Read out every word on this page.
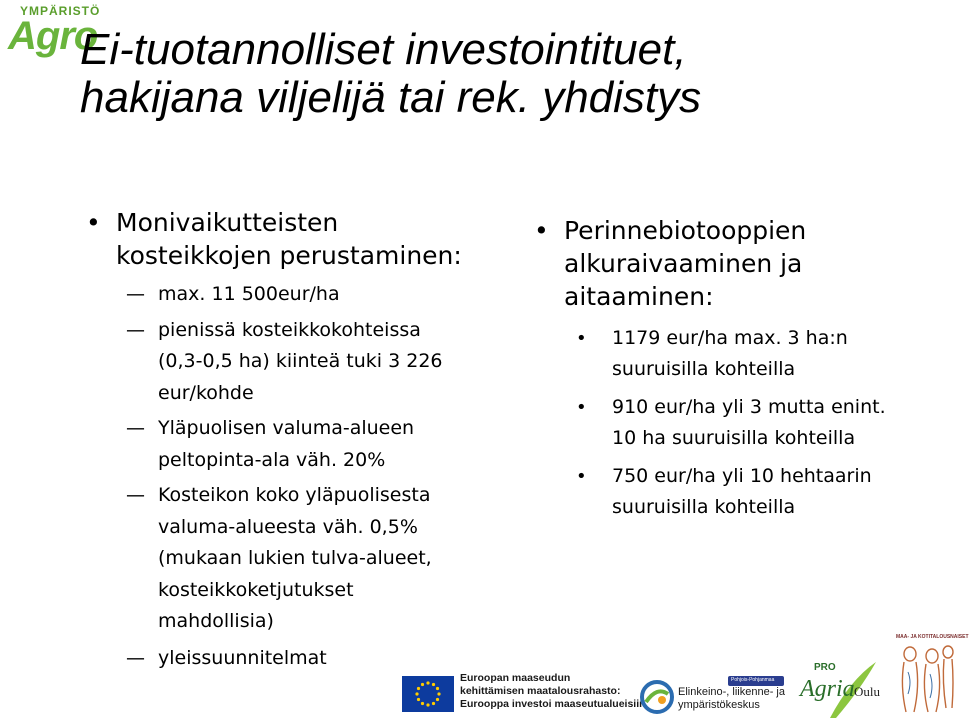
YMPÄRISTÖ
Agro
Ei-tuotannolliset investointituet,
hakijana viljelijä tai rek. yhdistys
• Monivaikutteisten
kosteikkojen perustaminen:
— max. 11 500eur/ha
— pienissä kosteikkokohteissa
(0,3-0,5 ha) kiinteä tuki 3 226
eur/kohde
— Yläpuolisen valuma-alueen
peltopinta-ala väh. 20%
— Kosteikon koko yläpuolisesta
valuma-alueesta väh. 0,5%
(mukaan lukien tulva-alueet,
kosteikkoketjutukset
mahdollisia)
— yleissuunnitelmat
• Perinnebiotooppien
alkuraivaaminen ja
aitaaminen:
• 1179 eur/ha max. 3 ha:n
suuruisilla kohteilla
• 910 eur/ha yli 3 mutta enint.
10 ha suuruisilla kohteilla
• 750 eur/ha yli 10 hehtaarin
suuruisilla kohteilla
Euroopan maaseudun
kehittämisen maatalousrahasto:
Eurooppa investoi maaseutualueisiin
Pohjois-Pohjanmaa
Elinkeino-, liikenne- ja
ympäristökeskus
PRO
Agria Oulu
MAA- JA KOTITALOUSNAISET
